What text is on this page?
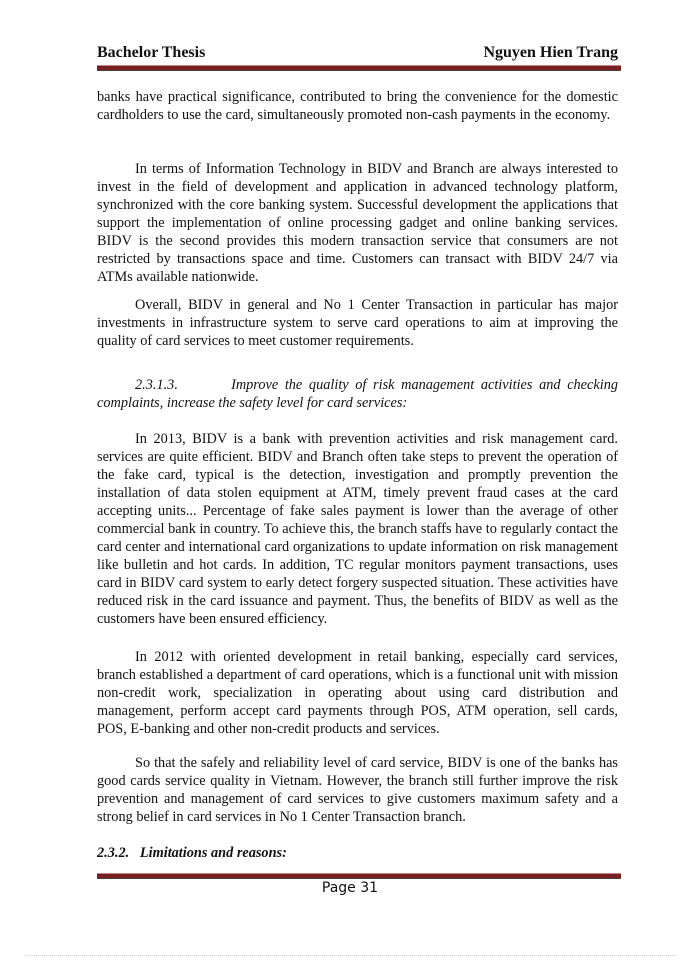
Bachelor Thesis	Nguyen Hien Trang
banks have practical significance, contributed to bring the convenience for the domestic cardholders to use the card, simultaneously promoted non-cash payments in the economy.
In terms of Information Technology in BIDV and Branch are always interested to invest in the field of development and application in advanced technology platform, synchronized with the core banking system. Successful development the applications that support the implementation of online processing gadget and online banking services. BIDV is the second provides this modern transaction service that consumers are not restricted by transactions space and time. Customers can transact with BIDV 24/7 via ATMs available nationwide.
Overall, BIDV in general and No 1 Center Transaction in particular has major investments in infrastructure system to serve card operations to aim at improving the quality of card services to meet customer requirements.
2.3.1.3.        Improve the quality of risk management activities and checking complaints, increase the safety level for card services:
In 2013, BIDV is a bank with prevention activities and risk management card. services are quite efficient. BIDV and Branch often take steps to prevent the operation of the fake card, typical is the detection, investigation and promptly prevention the installation of data stolen equipment at ATM, timely prevent fraud cases at the card accepting units... Percentage of fake sales payment is lower than the average of other commercial bank in country. To achieve this, the branch staffs have to regularly contact the card center and international card organizations to update information on risk management like bulletin and hot cards. In addition, TC regular monitors payment transactions, uses card in BIDV card system to early detect forgery suspected situation. These activities have reduced risk in the card issuance and payment. Thus, the benefits of BIDV as well as the customers have been ensured efficiency.
In 2012 with oriented development in retail banking, especially card services, branch established a department of card operations, which is a functional unit with mission non-credit work, specialization in operating about using card distribution and management, perform accept card payments through POS, ATM operation, sell cards, POS, E-banking and other non-credit products and services.
So that the safely and reliability level of card service, BIDV is one of the banks has good cards service quality in Vietnam. However, the branch still further improve the risk prevention and management of card services to give customers maximum safety and a strong belief in card services in No 1 Center Transaction branch.
2.3.2.   Limitations and reasons:
Page 31
